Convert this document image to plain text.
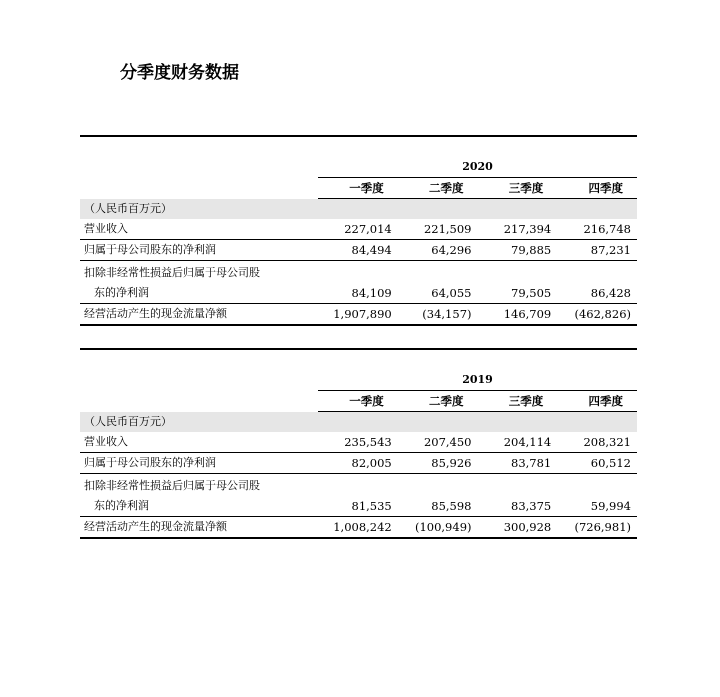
分季度财务数据

	2020			
	一季度	二季度	三季度	四季度
（人民币百万元）				
营业收入	227,014	221,509	217,394	216,748
归属于母公司股东的净利润	84,494	64,296	79,885	87,231
扣除非经常性损益后归属于母公司股				
东的净利润	84,109	64,055	79,505	86,428
经营活动产生的现金流量净额	1,907,890	(34,157)	146,709	(462,826)

	2019			
	一季度	二季度	三季度	四季度
（人民币百万元）				
营业收入	235,543	207,450	204,114	208,321
归属于母公司股东的净利润	82,005	85,926	83,781	60,512
扣除非经常性损益后归属于母公司股				
东的净利润	81,535	85,598	83,375	59,994
经营活动产生的现金流量净额	1,008,242	(100,949)	300,928	(726,981)
